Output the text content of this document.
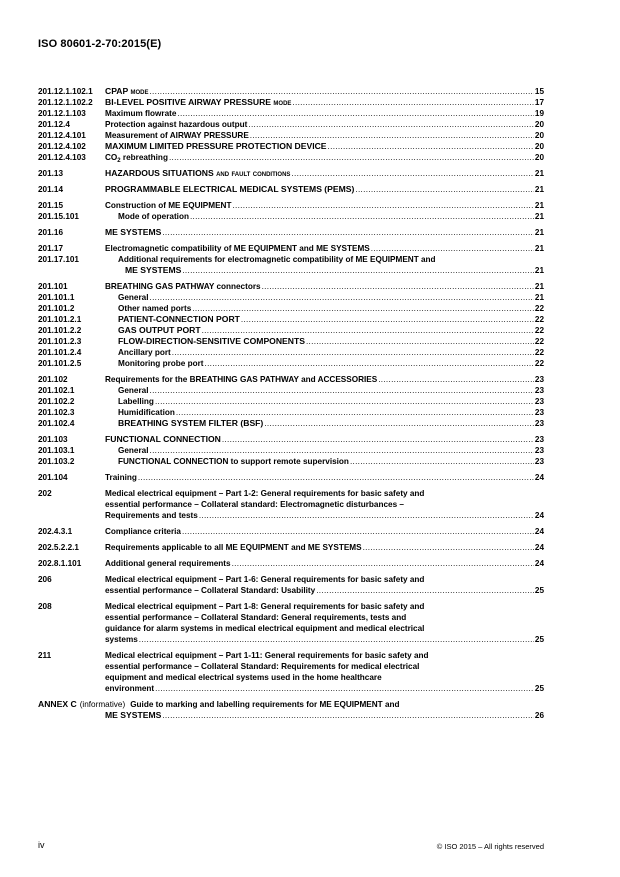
ISO 80601-2-70:2015(E)
201.12.1.102.1	CPAP mode .....	15
201.12.1.102.2	BI-LEVEL POSITIVE AIRWAY PRESSURE mode .....	17
201.12.1.103	Maximum flowrate .....	19
201.12.4	Protection against hazardous output .....	20
201.12.4.101	Measurement of AIRWAY PRESSURE .....	20
201.12.4.102	MAXIMUM LIMITED PRESSURE PROTECTION DEVICE .....	20
201.12.4.103	$CO_2$ rebreathing .....	20
201.13	HAZARDOUS SITUATIONS and fault conditions .....	21
201.14	PROGRAMMABLE ELECTRICAL MEDICAL SYSTEMS (PEMS) .....	21
201.15	Construction of ME EQUIPMENT .....	21
201.15.101	Mode of operation .....	21
201.16	ME SYSTEMS .....	21
201.17	Electromagnetic compatibility of ME EQUIPMENT and ME SYSTEMS .....	21
201.17.101	Additional requirements for electromagnetic compatibility of ME EQUIPMENT and
ME SYSTEMS .....	21
201.101	BREATHING GAS PATHWAY connectors .....	21
201.101.1	General .....	21
201.101.2	Other named ports .....	22
201.101.2.1	PATIENT-CONNECTION PORT .....	22
201.101.2.2	GAS OUTPUT PORT .....	22
201.101.2.3	FLOW-DIRECTION-SENSITIVE COMPONENTS .....	22
201.101.2.4	Ancillary port .....	22
201.101.2.5	Monitoring probe port .....	22
201.102	Requirements for the BREATHING GAS PATHWAY and ACCESSORIES .....	23
201.102.1	General .....	23
201.102.2	Labelling .....	23
201.102.3	Humidification .....	23
201.102.4	BREATHING SYSTEM FILTER (BSF) .....	23
201.103	FUNCTIONAL CONNECTION .....	23
201.103.1	General .....	23
201.103.2	FUNCTIONAL CONNECTION to support remote supervision .....	23
201.104	Training .....	24
202	Medical electrical equipment – Part 1-2: General requirements for basic safety and
essential performance – Collateral standard: Electromagnetic disturbances –
Requirements and tests .....	24
202.4.3.1	Compliance criteria .....	24
202.5.2.2.1	Requirements applicable to all ME EQUIPMENT and ME SYSTEMS .....	24
202.8.1.101	Additional general requirements .....	24
206	Medical electrical equipment – Part 1-6: General requirements for basic safety and
essential performance – Collateral Standard: Usability .....	25
208	Medical electrical equipment – Part 1-8: General requirements for basic safety and
essential performance – Collateral Standard: General requirements, tests and
guidance for alarm systems in medical electrical equipment and medical electrical
systems .....	25
211	Medical electrical equipment – Part 1-11: General requirements for basic safety and
essential performance – Collateral Standard: Requirements for medical electrical
equipment and medical electrical systems used in the home healthcare
environment .....	25
ANNEX C (informative) Guide to marking and labelling requirements for ME EQUIPMENT and
ME SYSTEMS .....	26
iv	© ISO 2015 – All rights reserved
